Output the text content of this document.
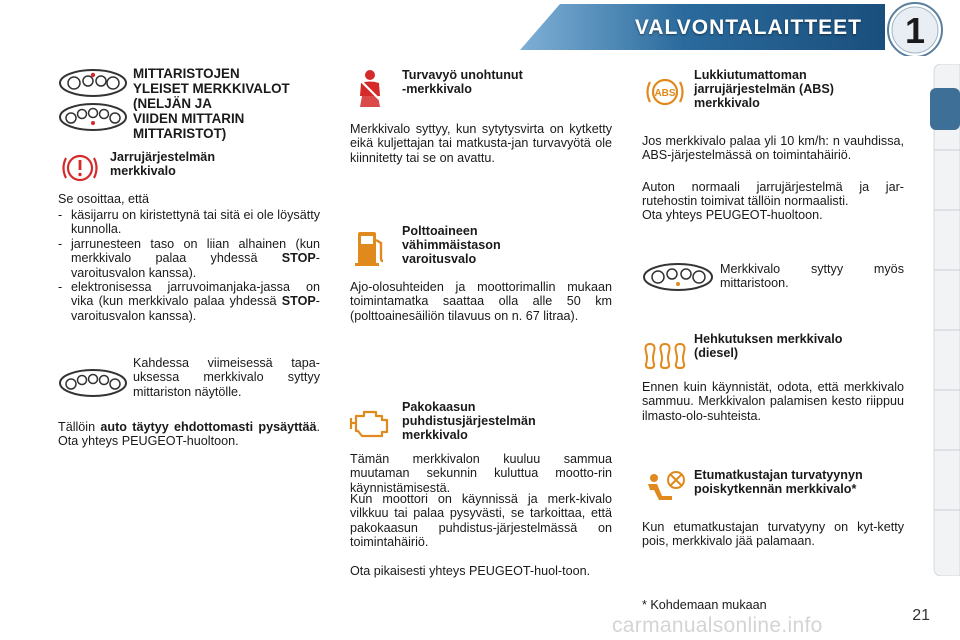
VALVONTALAITTEET	1
MITTARISTOJEN
YLEISET MERKKIVALOT
(NELJÄN JA
VIIDEN MITTARIN
MITTARISTOT)
Jarrujärjestelmän
merkkivalo
Se osoittaa, että
- käsijarru on kiristettynä tai sitä ei ole löysätty kunnolla.
- jarrunesteen taso on liian alhainen (kun merkkivalo palaa yhdessä STOP-varoitusvalon kanssa).
- elektronisessa jarruvoimanjaka-jassa on vika (kun merkkivalo palaa yhdessä STOP-varoitusvalon kanssa).
Kahdessa viimeisessä tapa-uksessa merkkivalo syttyy mittariston näytölle.
Tällöin auto täytyy ehdottomasti pysäyttää. Ota yhteys PEUGEOT-huoltoon.
Turvavyö unohtunut
-merkkivalo
Merkkivalo syttyy, kun sytytysvirta on kytketty eikä kuljettajan tai matkusta-jan turvavyötä ole kiinnitetty tai se on avattu.
Polttoaineen
vähimmäistason
varoitusvalo
Ajo-olosuhteiden ja moottorimallin mukaan toimintamatka saattaa olla alle 50 km (polttoainesäiliön tilavuus on n. 67 litraa).
Pakokaasun
puhdistusjärjestelmän
merkkivalo
Tämän merkkivalon kuuluu sammua muutaman sekunnin kuluttua mootto-rin käynnistämisestä.
Kun moottori on käynnissä ja merk-kivalo vilkkuu tai palaa pysyvästi, se tarkoittaa, että pakokaasun puhdistus-järjestelmässä on toimintahäiriö.
Ota pikaisesti yhteys PEUGEOT-huol-toon.
ABS
Lukkiutumattoman
jarrujärjestelmän (ABS)
merkkivalo
Jos merkkivalo palaa yli 10 km/h: n vauhdissa, ABS-järjestelmässä on toimintahäiriö.
Auton normaali jarrujärjestelmä ja jar-rutehostin toimivat tällöin normaalisti.
Ota yhteys PEUGEOT-huoltoon.
Merkkivalo syttyy myös mittaristoon.
Hehkutuksen merkkivalo
(diesel)
Ennen kuin käynnistät, odota, että merkkivalo sammuu. Merkkivalon palamisen kesto riippuu ilmasto-olo-suhteista.
Etumatkustajan turvatyynyn
poiskytkennän merkkivalo*
Kun etumatkustajan turvatyyny on kyt-ketty pois, merkkivalo jää palamaan.
* Kohdemaan mukaan
21
carmanualsonline.info
